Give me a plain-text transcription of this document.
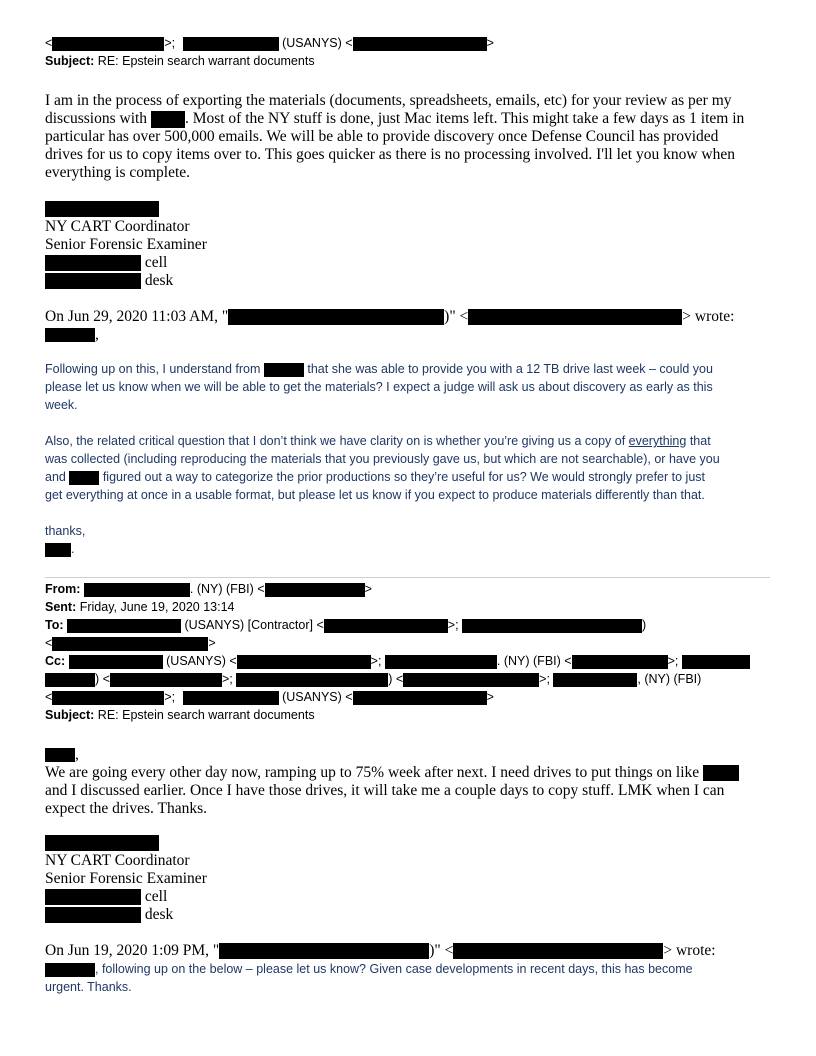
<	>;	(USANYS) <	>
Subject: RE: Epstein search warrant documents
I am in the process of exporting the materials (documents, spreadsheets, emails, etc) for your review as per my
discussions with . Most of the NY stuff is done, just Mac items left. This might take a few days as 1 item in
particular has over 500,000 emails. We will be able to provide discovery once Defense Council has provided
drives for us to copy items over to. This goes quicker as there is no processing involved. I'll let you know when
everything is complete.
NY CART Coordinator
Senior Forensic Examiner
cell
desk
On Jun 29, 2020 11:03 AM, "	)" <	> wrote:
,
Following up on this, I understand from	that she was able to provide you with a 12 TB drive last week – could you
please let us know when we will be able to get the materials? I expect a judge will ask us about discovery as early as this
week.
Also, the related critical question that I don’t think we have clarity on is whether you’re giving us a copy of everything that
was collected (including reproducing the materials that you previously gave us, but which are not searchable), or have you
and	figured out a way to categorize the prior productions so they’re useful for us? We would strongly prefer to just
get everything at once in a usable format, but please let us know if you expect to produce materials differently than that.
thanks,
.
From:	. (NY) (FBI) <	>
Sent: Friday, June 19, 2020 13:14
To:	(USANYS) [Contractor] <	>;	)
<	>
Cc:	(USANYS) <	>;	. (NY) (FBI) <	>;
) <	>;	) <	>;	, (NY) (FBI)
<	>;	(USANYS) <	>
Subject: RE: Epstein search warrant documents
,
We are going every other day now, ramping up to 75% week after next. I need drives to put things on like
and I discussed earlier. Once I have those drives, it will take me a couple days to copy stuff. LMK when I can
expect the drives. Thanks.
NY CART Coordinator
Senior Forensic Examiner
cell
desk
On Jun 19, 2020 1:09 PM, "	)" <	> wrote:
, following up on the below – please let us know? Given case developments in recent days, this has become
urgent. Thanks.
